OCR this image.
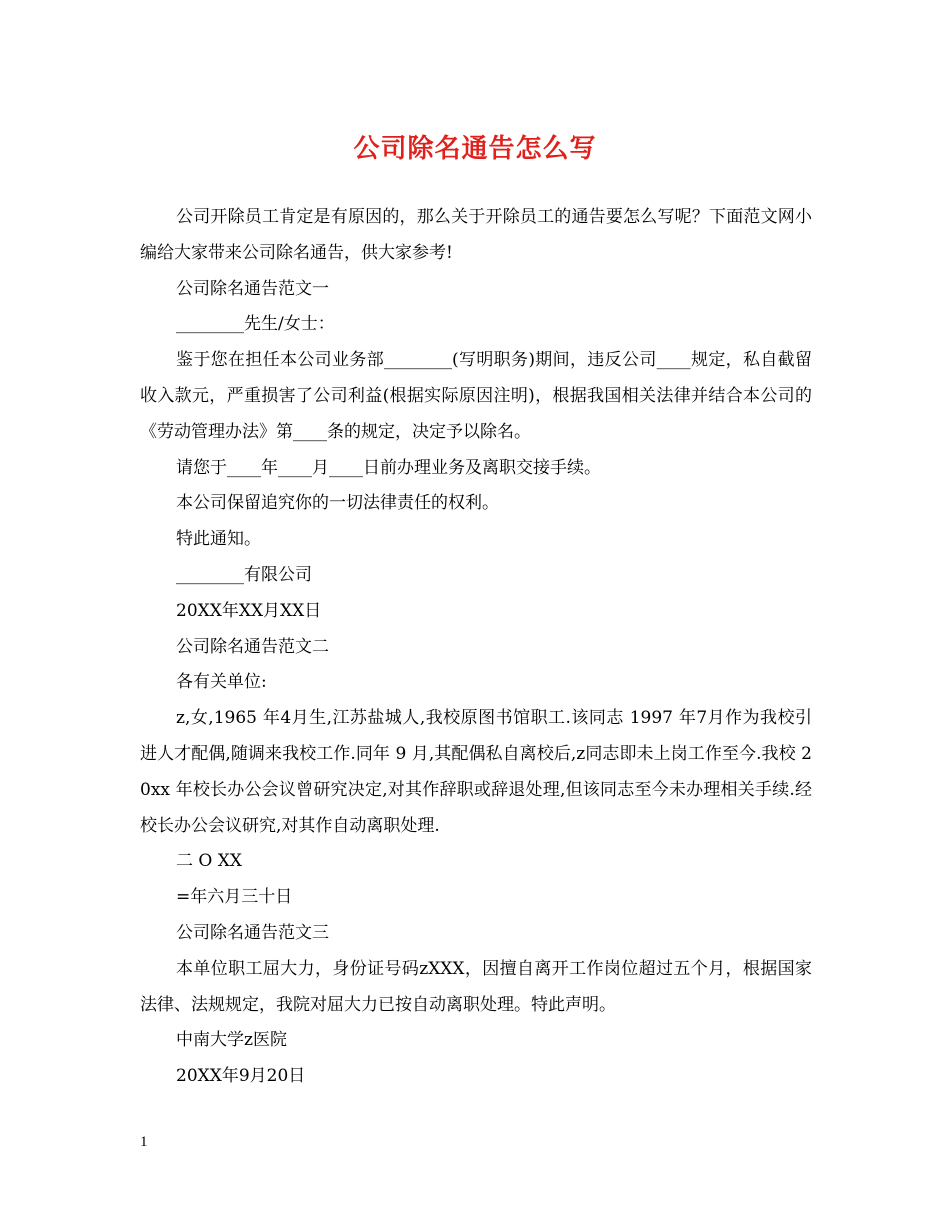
公司除名通告怎么写

公司开除员工肯定是有原因的，那么关于开除员工的通告要怎么写呢？下面范文网小编给大家带来公司除名通告，供大家参考!

公司除名通告范文一

________先生/女士：

鉴于您在担任本公司业务部________(写明职务)期间，违反公司____规定，私自截留收入款元，严重损害了公司利益(根据实际原因注明)，根据我国相关法律并结合本公司的《劳动管理办法》第____条的规定，决定予以除名。

请您于____年____月____日前办理业务及离职交接手续。

本公司保留追究你的一切法律责任的权利。

特此通知。

________有限公司

20XX年XX月XX日

公司除名通告范文二

各有关单位:

z,女,1965 年4月生,江苏盐城人,我校原图书馆职工.该同志 1997 年7月作为我校引进人才配偶,随调来我校工作.同年 9 月,其配偶私自离校后,z同志即未上岗工作至今.我校 20xx 年校长办公会议曾研究决定,对其作辞职或辞退处理,但该同志至今未办理相关手续.经校长办公会议研究,对其作自动离职处理.

二 O XX

=年六月三十日

公司除名通告范文三

本单位职工屈大力，身份证号码zXXX，因擅自离开工作岗位超过五个月，根据国家法律、法规规定，我院对屈大力已按自动离职处理。特此声明。

中南大学z医院

20XX年9月20日

1
